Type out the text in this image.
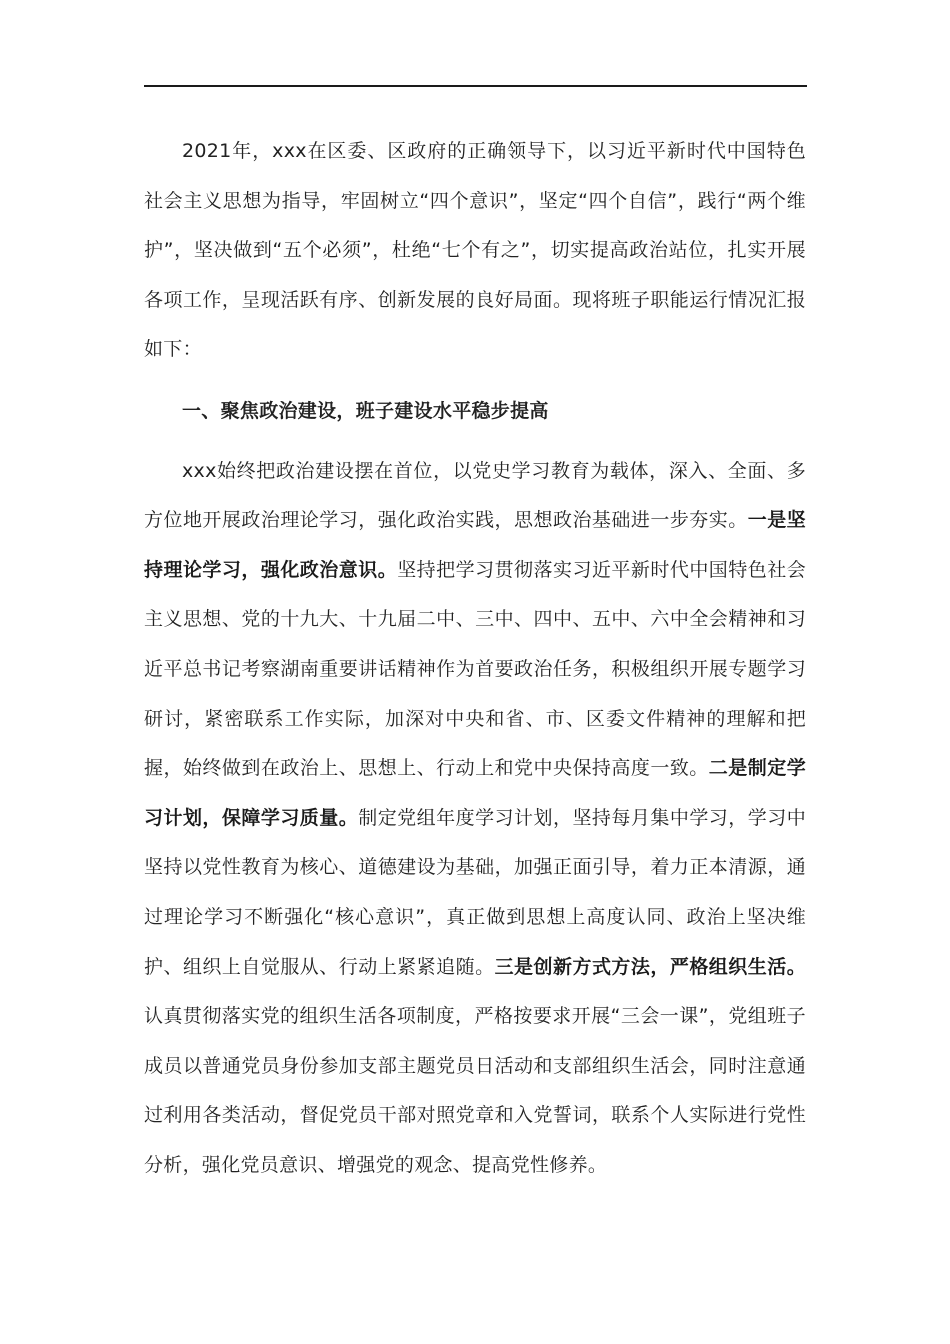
2021年，xxx在区委、区政府的正确领导下，以习近平新时代中国特色社会主义思想为指导，牢固树立“四个意识”，坚定“四个自信”，践行“两个维护”，坚决做到“五个必须”，杜绝“七个有之”，切实提高政治站位，扎实开展各项工作，呈现活跃有序、创新发展的良好局面。现将班子职能运行情况汇报如下：

一、聚焦政治建设，班子建设水平稳步提高

xxx始终把政治建设摆在首位，以党史学习教育为载体，深入、全面、多方位地开展政治理论学习，强化政治实践，思想政治基础进一步夯实。一是坚持理论学习，强化政治意识。坚持把学习贯彻落实习近平新时代中国特色社会主义思想、党的十九大、十九届二中、三中、四中、五中、六中全会精神和习近平总书记考察湖南重要讲话精神作为首要政治任务，积极组织开展专题学习研讨，紧密联系工作实际，加深对中央和省、市、区委文件精神的理解和把握，始终做到在政治上、思想上、行动上和党中央保持高度一致。二是制定学习计划，保障学习质量。制定党组年度学习计划，坚持每月集中学习，学习中坚持以党性教育为核心、道德建设为基础，加强正面引导，着力正本清源，通过理论学习不断强化“核心意识”，真正做到思想上高度认同、政治上坚决维护、组织上自觉服从、行动上紧紧追随。三是创新方式方法，严格组织生活。认真贯彻落实党的组织生活各项制度，严格按要求开展“三会一课”，党组班子成员以普通党员身份参加支部主题党员日活动和支部组织生活会，同时注意通过利用各类活动，督促党员干部对照党章和入党誓词，联系个人实际进行党性分析，强化党员意识、增强党的观念、提高党性修养。
